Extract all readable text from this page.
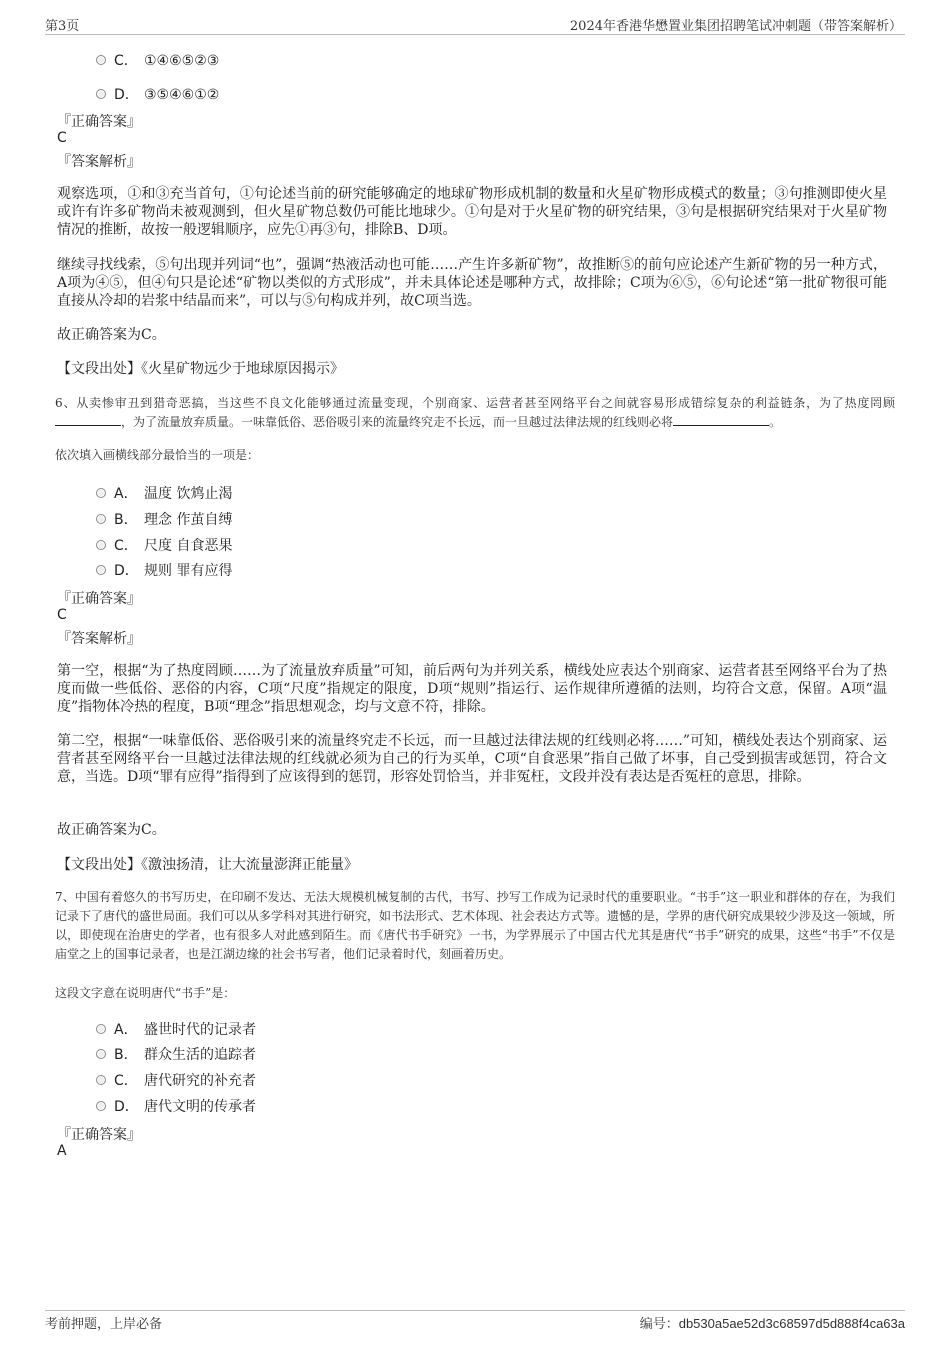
第3页	2024年香港华懋置业集团招聘笔试冲刺题（带答案解析）
C． ①④⑥⑤②③
D． ③⑤④⑥①②
『正确答案』
C
『答案解析』

观察选项，①和③充当首句，①句论述当前的研究能够确定的地球矿物形成机制的数量和火星矿物形成模式的数量；③句推测即使火星或许有许多矿物尚未被观测到，但火星矿物总数仍可能比地球少。①句是对于火星矿物的研究结果，③句是根据研究结果对于火星矿物情况的推断，故按一般逻辑顺序，应先①再③句，排除B、D项。

继续寻找线索，⑤句出现并列词“也”，强调“热液活动也可能……产生许多新矿物”，故推断⑤的前句应论述产生新矿物的另一种方式，A项为④⑤，但④句只是论述“矿物以类似的方式形成”，并未具体论述是哪种方式，故排除；C项为⑥⑤，⑥句论述“第一批矿物很可能直接从冷却的岩浆中结晶而来”，可以与⑤句构成并列，故C项当选。

故正确答案为C。

【文段出处】《火星矿物远少于地球原因揭示》

6、从卖惨审丑到猎奇恶搞，当这些不良文化能够通过流量变现，个别商家、运营者甚至网络平台之间就容易形成错综复杂的利益链条，为了热度罔顾，为了流量放弃质量。一味靠低俗、恶俗吸引来的流量终究走不长远，而一旦越过法律法规的红线则必将	。

依次填入画横线部分最恰当的一项是：
A． 温度 饮鸩止渴
B． 理念 作茧自缚
C． 尺度 自食恶果
D． 规则 罪有应得
『正确答案』
C
『答案解析』

第一空，根据“为了热度罔顾……为了流量放弃质量”可知，前后两句为并列关系，横线处应表达个别商家、运营者甚至网络平台为了热度而做一些低俗、恶俗的内容，C项“尺度”指规定的限度，D项“规则”指运行、运作规律所遵循的法则，均符合文意，保留。A项“温度”指物体冷热的程度，B项“理念”指思想观念，均与文意不符，排除。

第二空，根据“一味靠低俗、恶俗吸引来的流量终究走不长远，而一旦越过法律法规的红线则必将……”可知，横线处表达个别商家、运营者甚至网络平台一旦越过法律法规的红线就必须为自己的行为买单，C项“自食恶果”指自己做了坏事，自己受到损害或惩罚，符合文意，当选。D项“罪有应得”指得到了应该得到的惩罚，形容处罚恰当，并非冤枉，文段并没有表达是否冤枉的意思，排除。

故正确答案为C。

【文段出处】《激浊扬清，让大流量澎湃正能量》

7、中国有着悠久的书写历史，在印刷不发达、无法大规模机械复制的古代，书写、抄写工作成为记录时代的重要职业。“书手”这一职业和群体的存在，为我们记录下了唐代的盛世局面。我们可以从多学科对其进行研究，如书法形式、艺术体现、社会表达方式等。遗憾的是，学界的唐代研究成果较少涉及这一领域，所以，即使现在治唐史的学者，也有很多人对此感到陌生。而《唐代书手研究》一书，为学界展示了中国古代尤其是唐代“书手”研究的成果，这些“书手”不仅是庙堂之上的国事记录者，也是江湖边缘的社会书写者，他们记录着时代，刻画着历史。

这段文字意在说明唐代“书手”是：
A． 盛世时代的记录者
B． 群众生活的追踪者
C． 唐代研究的补充者
D． 唐代文明的传承者
『正确答案』
A
考前押题，上岸必备	编号：db530a5ae52d3c68597d5d888f4ca63a
